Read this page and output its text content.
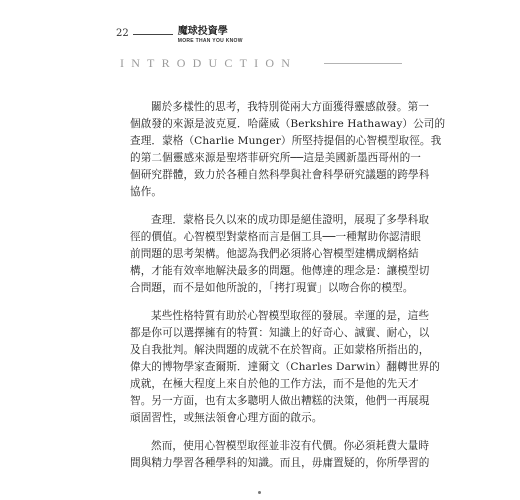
22	魔球投資學
MORE THAN YOU KNOW
INTRODUCTION
關於多樣性的思考，我特別從兩大方面獲得靈感啟發。第一
個啟發的來源是波克夏．哈薩威（Berkshire Hathaway）公司的
查理．蒙格（Charlie Munger）所堅持提倡的心智模型取徑。我
的第二個靈感來源是聖塔菲研究所──這是美國新墨西哥州的一
個研究群體，致力於各種自然科學與社會科學研究議題的跨學科
協作。
查理．蒙格長久以來的成功即是絕佳證明，展現了多學科取
徑的價值。心智模型對蒙格而言是個工具──一種幫助你認清眼
前問題的思考架構。他認為我們必須將心智模型建構成網格結
構，才能有效率地解決最多的問題。他傳達的理念是：讓模型切
合問題，而不是如他所說的，「拷打現實」以吻合你的模型。
某些性格特質有助於心智模型取徑的發展。幸運的是，這些
都是你可以選擇擁有的特質：知識上的好奇心、誠實、耐心，以
及自我批判。解決問題的成就不在於智商。正如蒙格所指出的，
偉大的博物學家查爾斯．達爾文（Charles Darwin）翻轉世界的
成就，在極大程度上來自於他的工作方法，而不是他的先天才
智。另一方面，也有太多聰明人做出糟糕的決策，他們一再展現
頑固習性，或無法領會心理方面的啟示。
然而，使用心智模型取徑並非沒有代價。你必須耗費大量時
間與精力學習各種學科的知識。而且，毋庸置疑的，你所學習的
